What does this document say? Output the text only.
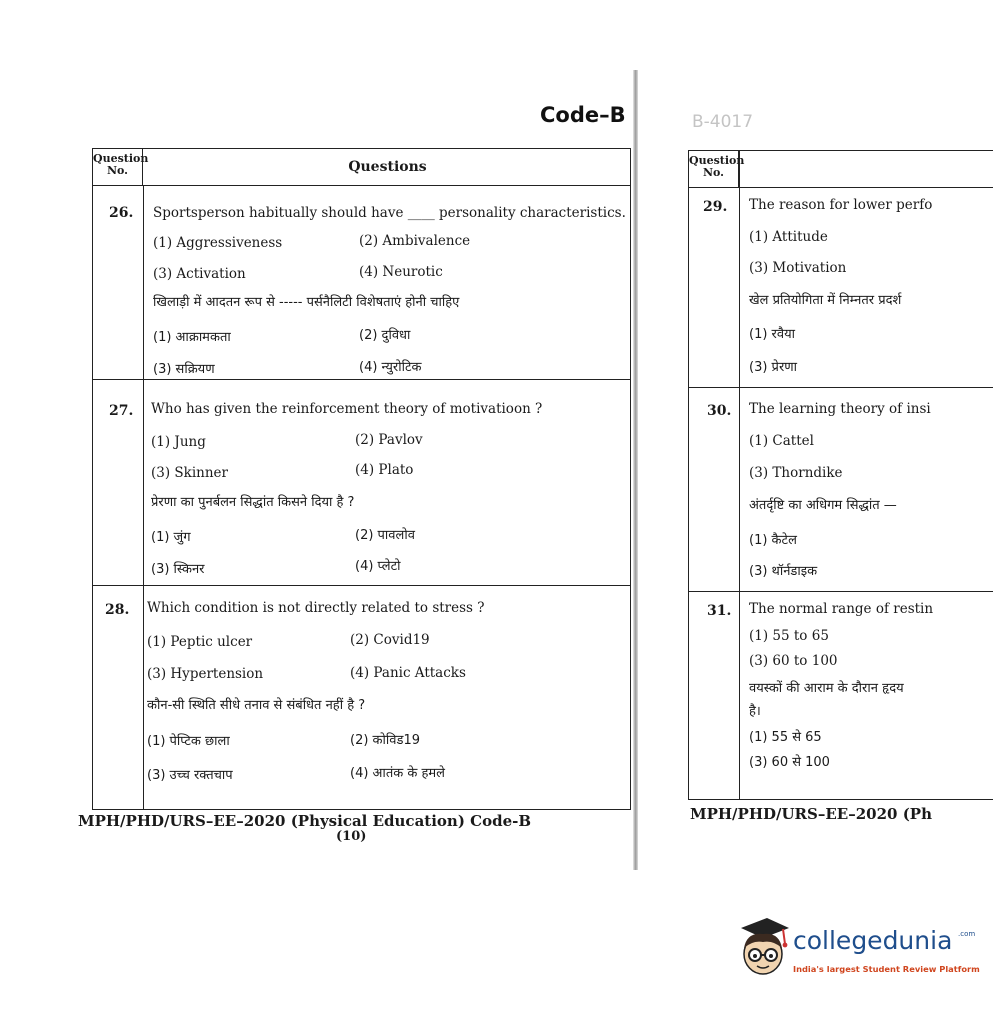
Code–B	B-4017
Question No.	Questions
26. Sportsperson habitually should have ____ personality characteristics.
(1) Aggressiveness	(2) Ambivalence
(3) Activation	(4) Neurotic
खिलाड़ी में आदतन रूप से ----- पर्सनैलिटी विशेषताएं होनी चाहिए
(1) आक्रामकता	(2) दुविधा
(3) सक्रियण	(4) न्युरोटिक
27. Who has given the reinforcement theory of motivatioon ?
(1) Jung	(2) Pavlov
(3) Skinner	(4) Plato
प्रेरणा का पुनर्बलन सिद्धांत किसने दिया है ?
(1) जुंग	(2) पावलोव
(3) स्किनर	(4) प्लेटो
28. Which condition is not directly related to stress ?
(1) Peptic ulcer	(2) Covid19
(3) Hypertension	(4) Panic Attacks
कौन-सी स्थिति सीधे तनाव से संबंधित नहीं है ?
(1) पेप्टिक छाला	(2) कोविड19
(3) उच्च रक्तचाप	(4) आतंक के हमले
MPH/PHD/URS–EE–2020 (Physical Education) Code-B
(10)
Question No.
29. The reason for lower perfo
(1) Attitude
(3) Motivation
खेल प्रतियोगिता में निम्नतर प्रदर्श
(1) रवैया
(3) प्रेरणा
30. The learning theory of insi
(1) Cattel
(3) Thorndike
अंतर्दृष्टि का अधिगम सिद्धांत —
(1) कैटेल
(3) थॉर्नडाइक
31. The normal range of restin
(1) 55 to 65
(3) 60 to 100
वयस्कों की आराम के दौरान हृदय
है।
(1) 55 से 65
(3) 60 से 100
MPH/PHD/URS–EE–2020 (Ph
collegedunia .com
India's largest Student Review Platform
